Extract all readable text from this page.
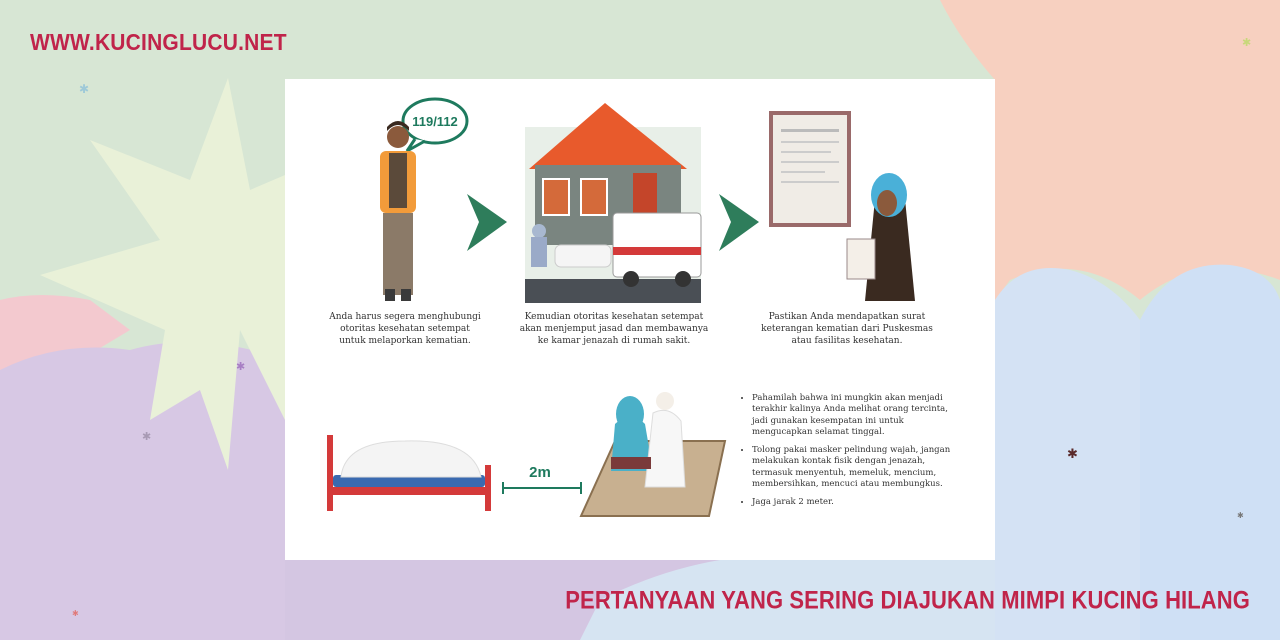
✱
✱
✱
✱
✱
✱
✱
WWW.KUCINGLUCU.NET
119/112
2m
Anda harus segera menghubungi
otoritas kesehatan setempat
untuk melaporkan kematian.
Kemudian otoritas kesehatan setempat
akan menjemput jasad dan membawanya
ke kamar jenazah di rumah sakit.
Pastikan Anda mendapatkan surat
keterangan kematian dari Puskesmas
atau fasilitas kesehatan.
• Pahamilah bahwa ini mungkin akan menjadi
terakhir kalinya Anda melihat orang tercinta,
jadi gunakan kesempatan ini untuk
mengucapkan selamat tinggal.
• Tolong pakai masker pelindung wajah, jangan
melakukan kontak fisik dengan jenazah,
termasuk menyentuh, memeluk, mencium,
membersihkan, mencuci atau membungkus.
• Jaga jarak 2 meter.
PERTANYAAN YANG SERING DIAJUKAN MIMPI KUCING HILANG
